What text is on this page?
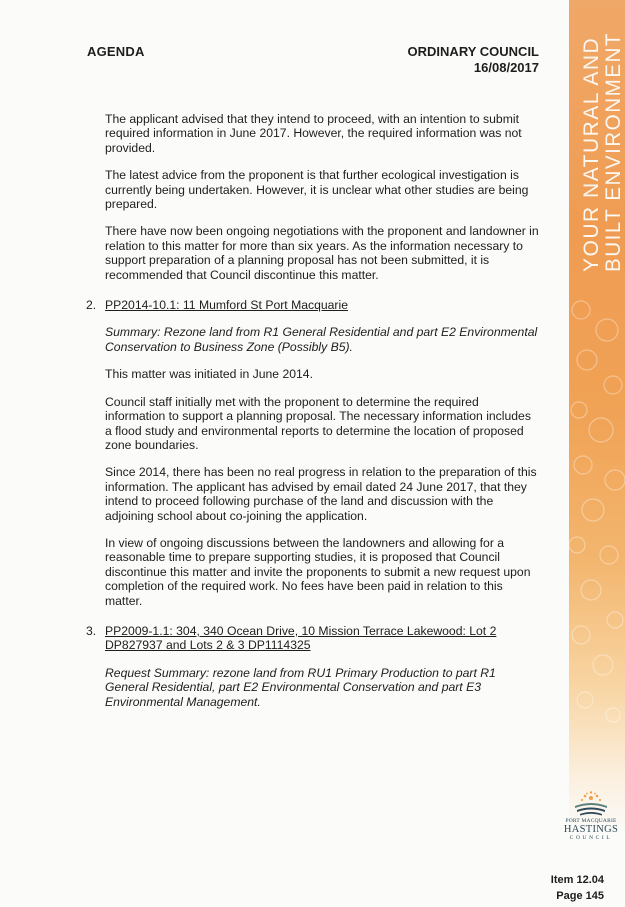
YOUR NATURAL AND BUILT ENVIRONMENT
AGENDA	ORDINARY COUNCIL
16/08/2017

The applicant advised that they intend to proceed, with an intention to submit required information in June 2017. However, the required information was not provided.

The latest advice from the proponent is that further ecological investigation is currently being undertaken. However, it is unclear what other studies are being prepared.

There have now been ongoing negotiations with the proponent and landowner in relation to this matter for more than six years. As the information necessary to support preparation of a planning proposal has not been submitted, it is recommended that Council discontinue this matter.

2. PP2014-10.1: 11 Mumford St Port Macquarie

Summary: Rezone land from R1 General Residential and part E2 Environmental Conservation to Business Zone (Possibly B5).

This matter was initiated in June 2014.

Council staff initially met with the proponent to determine the required information to support a planning proposal. The necessary information includes a flood study and environmental reports to determine the location of proposed zone boundaries.

Since 2014, there has been no real progress in relation to the preparation of this information. The applicant has advised by email dated 24 June 2017, that they intend to proceed following purchase of the land and discussion with the adjoining school about co-joining the application.

In view of ongoing discussions between the landowners and allowing for a reasonable time to prepare supporting studies, it is proposed that Council discontinue this matter and invite the proponents to submit a new request upon completion of the required work. No fees have been paid in relation to this matter.

3. PP2009-1.1: 304, 340 Ocean Drive, 10 Mission Terrace Lakewood: Lot 2 DP827937 and Lots 2 & 3 DP1114325

Request Summary: rezone land from RU1 Primary Production to part R1 General Residential, part E2 Environmental Conservation and part E3 Environmental Management.

PORT MACQUARIE
HASTINGS
COUNCIL
Item 12.04
Page 145
